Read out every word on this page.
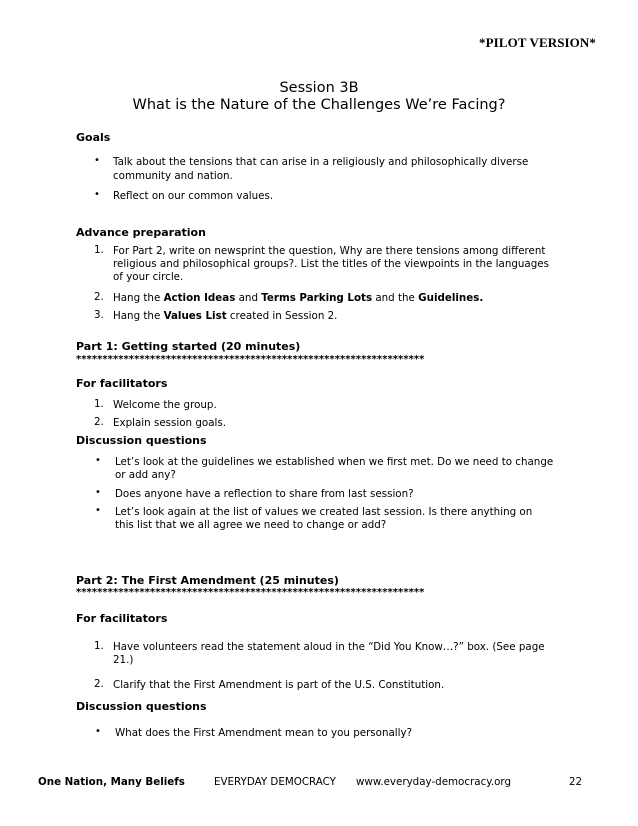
*PILOT VERSION*
Session 3B
What is the Nature of the Challenges We’re Facing?
Goals
• Talk about the tensions that can arise in a religiously and philosophically diverse
community and nation.
• Reflect on our common values.
Advance preparation
1. For Part 2, write on newsprint the question, Why are there tensions among different
religious and philosophical groups?. List the titles of the viewpoints in the languages
of your circle.
2. Hang the Action Ideas and Terms Parking Lots and the Guidelines.
3. Hang the Values List created in Session 2.
Part 1: Getting started (20 minutes)
******************************************************************
For facilitators
1. Welcome the group.
2. Explain session goals.
Discussion questions
• Let’s look at the guidelines we established when we first met. Do we need to change
or add any?
• Does anyone have a reflection to share from last session?
• Let’s look again at the list of values we created last session. Is there anything on
this list that we all agree we need to change or add?
Part 2: The First Amendment (25 minutes)
******************************************************************
For facilitators
1. Have volunteers read the statement aloud in the “Did You Know…?” box. (See page
21.)
2. Clarify that the First Amendment is part of the U.S. Constitution.
Discussion questions
• What does the First Amendment mean to you personally?
One Nation, Many Beliefs	EVERYDAY DEMOCRACY www.everyday-democracy.org	22
